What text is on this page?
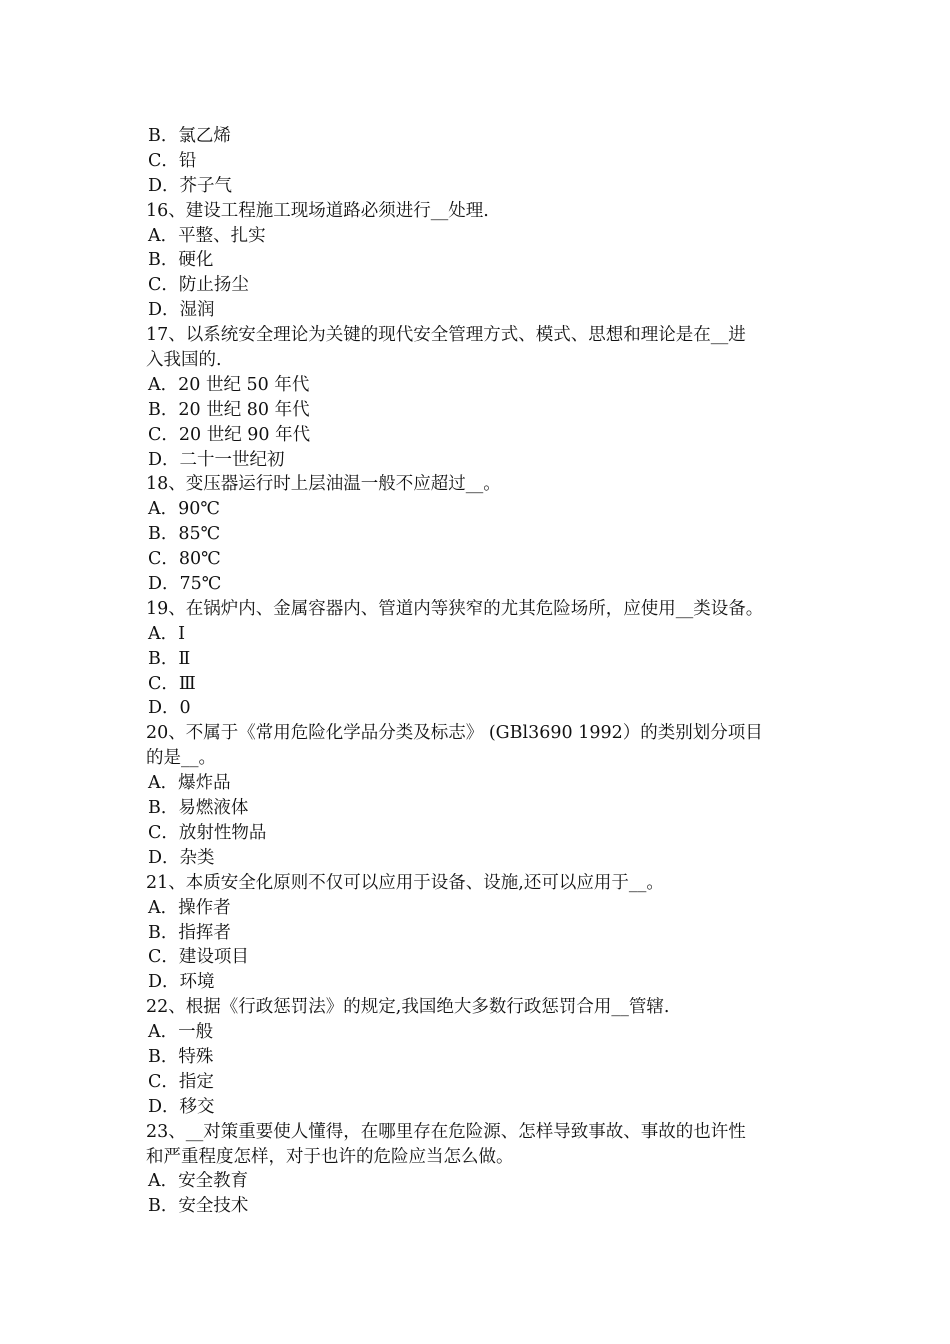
B．氯乙烯
C．铅
D．芥子气
16、建设工程施工现场道路必须进行__处理.
A．平整、扎实
B．硬化
C．防止扬尘
D．湿润
17、以系统安全理论为关键的现代安全管理方式、模式、思想和理论是在__进
入我国的.
A．20 世纪 50 年代
B．20 世纪 80 年代
C．20 世纪 90 年代
D．二十一世纪初
18、变压器运行时上层油温一般不应超过__。
A．90℃
B．85℃
C．80℃
D．75℃
19、在锅炉内、金属容器内、管道内等狭窄的尤其危险场所，应使用__类设备。
A．Ⅰ
B．Ⅱ
C．Ⅲ
D．0
20、不属于《常用危险化学品分类及标志》 (GBl3690 1992）的类别划分项目
的是__。
A．爆炸品
B．易燃液体
C．放射性物品
D．杂类
21、本质安全化原则不仅可以应用于设备、设施,还可以应用于__。
A．操作者
B．指挥者
C．建设项目
D．环境
22、根据《行政惩罚法》的规定,我国绝大多数行政惩罚合用__管辖.
A．一般
B．特殊
C．指定
D．移交
23、__对策重要使人懂得，在哪里存在危险源、怎样导致事故、事故的也许性
和严重程度怎样，对于也许的危险应当怎么做。
A．安全教育
B．安全技术
